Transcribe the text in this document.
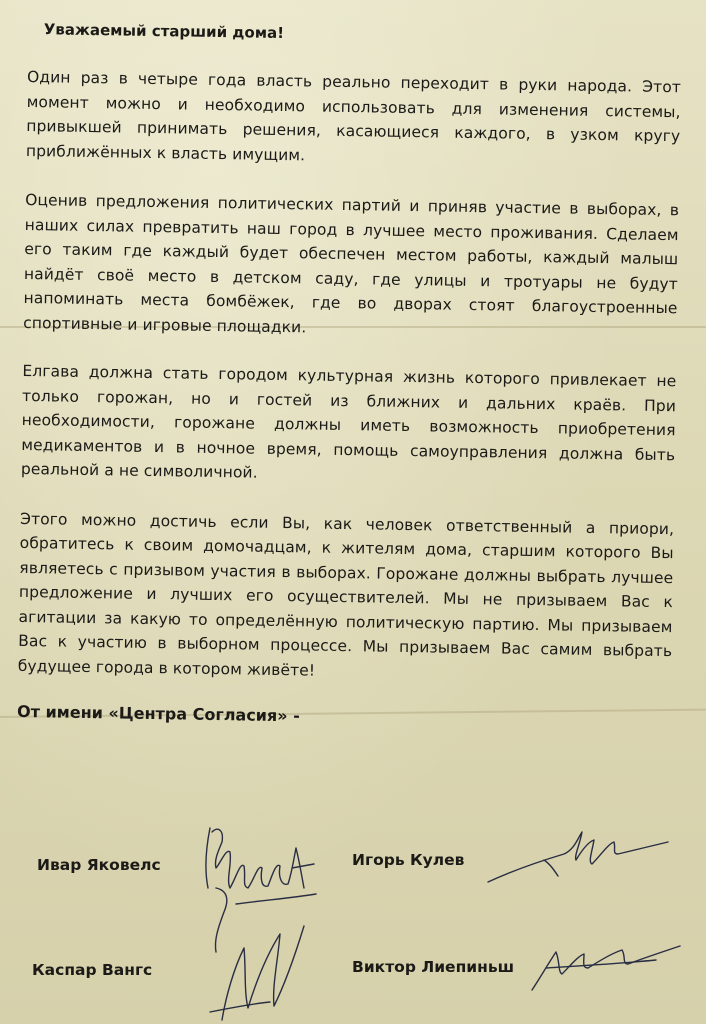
Уважаемый старший дома!

Один раз в четыре года власть реально переходит в руки народа. Этот момент можно и необходимо использовать для изменения системы, привыкшей принимать решения, касающиеся каждого, в узком кругу приближённых к власть имущим.

Оценив предложения политических партий и приняв участие в выборах, в наших силах превратить наш город в лучшее место проживания. Сделаем его таким где каждый будет обеспечен местом работы, каждый малыш найдёт своё место в детском саду, где улицы и тротуары не будут напоминать места бомбёжек, где во дворах стоят благоустроенные спортивные и игровые площадки.

Елгава должна стать городом культурная жизнь которого привлекает не только горожан, но и гостей из ближних и дальних краёв. При необходимости, горожане должны иметь возможность приобретения медикаментов и в ночное время, помощь самоуправления должна быть реальной а не символичной.

Этого можно достичь если Вы, как человек ответственный а приори, обратитесь к своим домочадцам, к жителям дома, старшим которого Вы являетесь с призывом участия в выборах. Горожане должны выбрать лучшее предложение и лучших его осуществителей. Мы не призываем Вас к агитации за какую то определённую политическую партию. Мы призываем Вас к участию в выборном процессе. Мы призываем Вас самим выбрать будущее города в котором живёте!

От имени «Центра Согласия» -

Ивар Яковелс	Игорь Кулев
Каспар Вангс	Виктор Лиепиньш
